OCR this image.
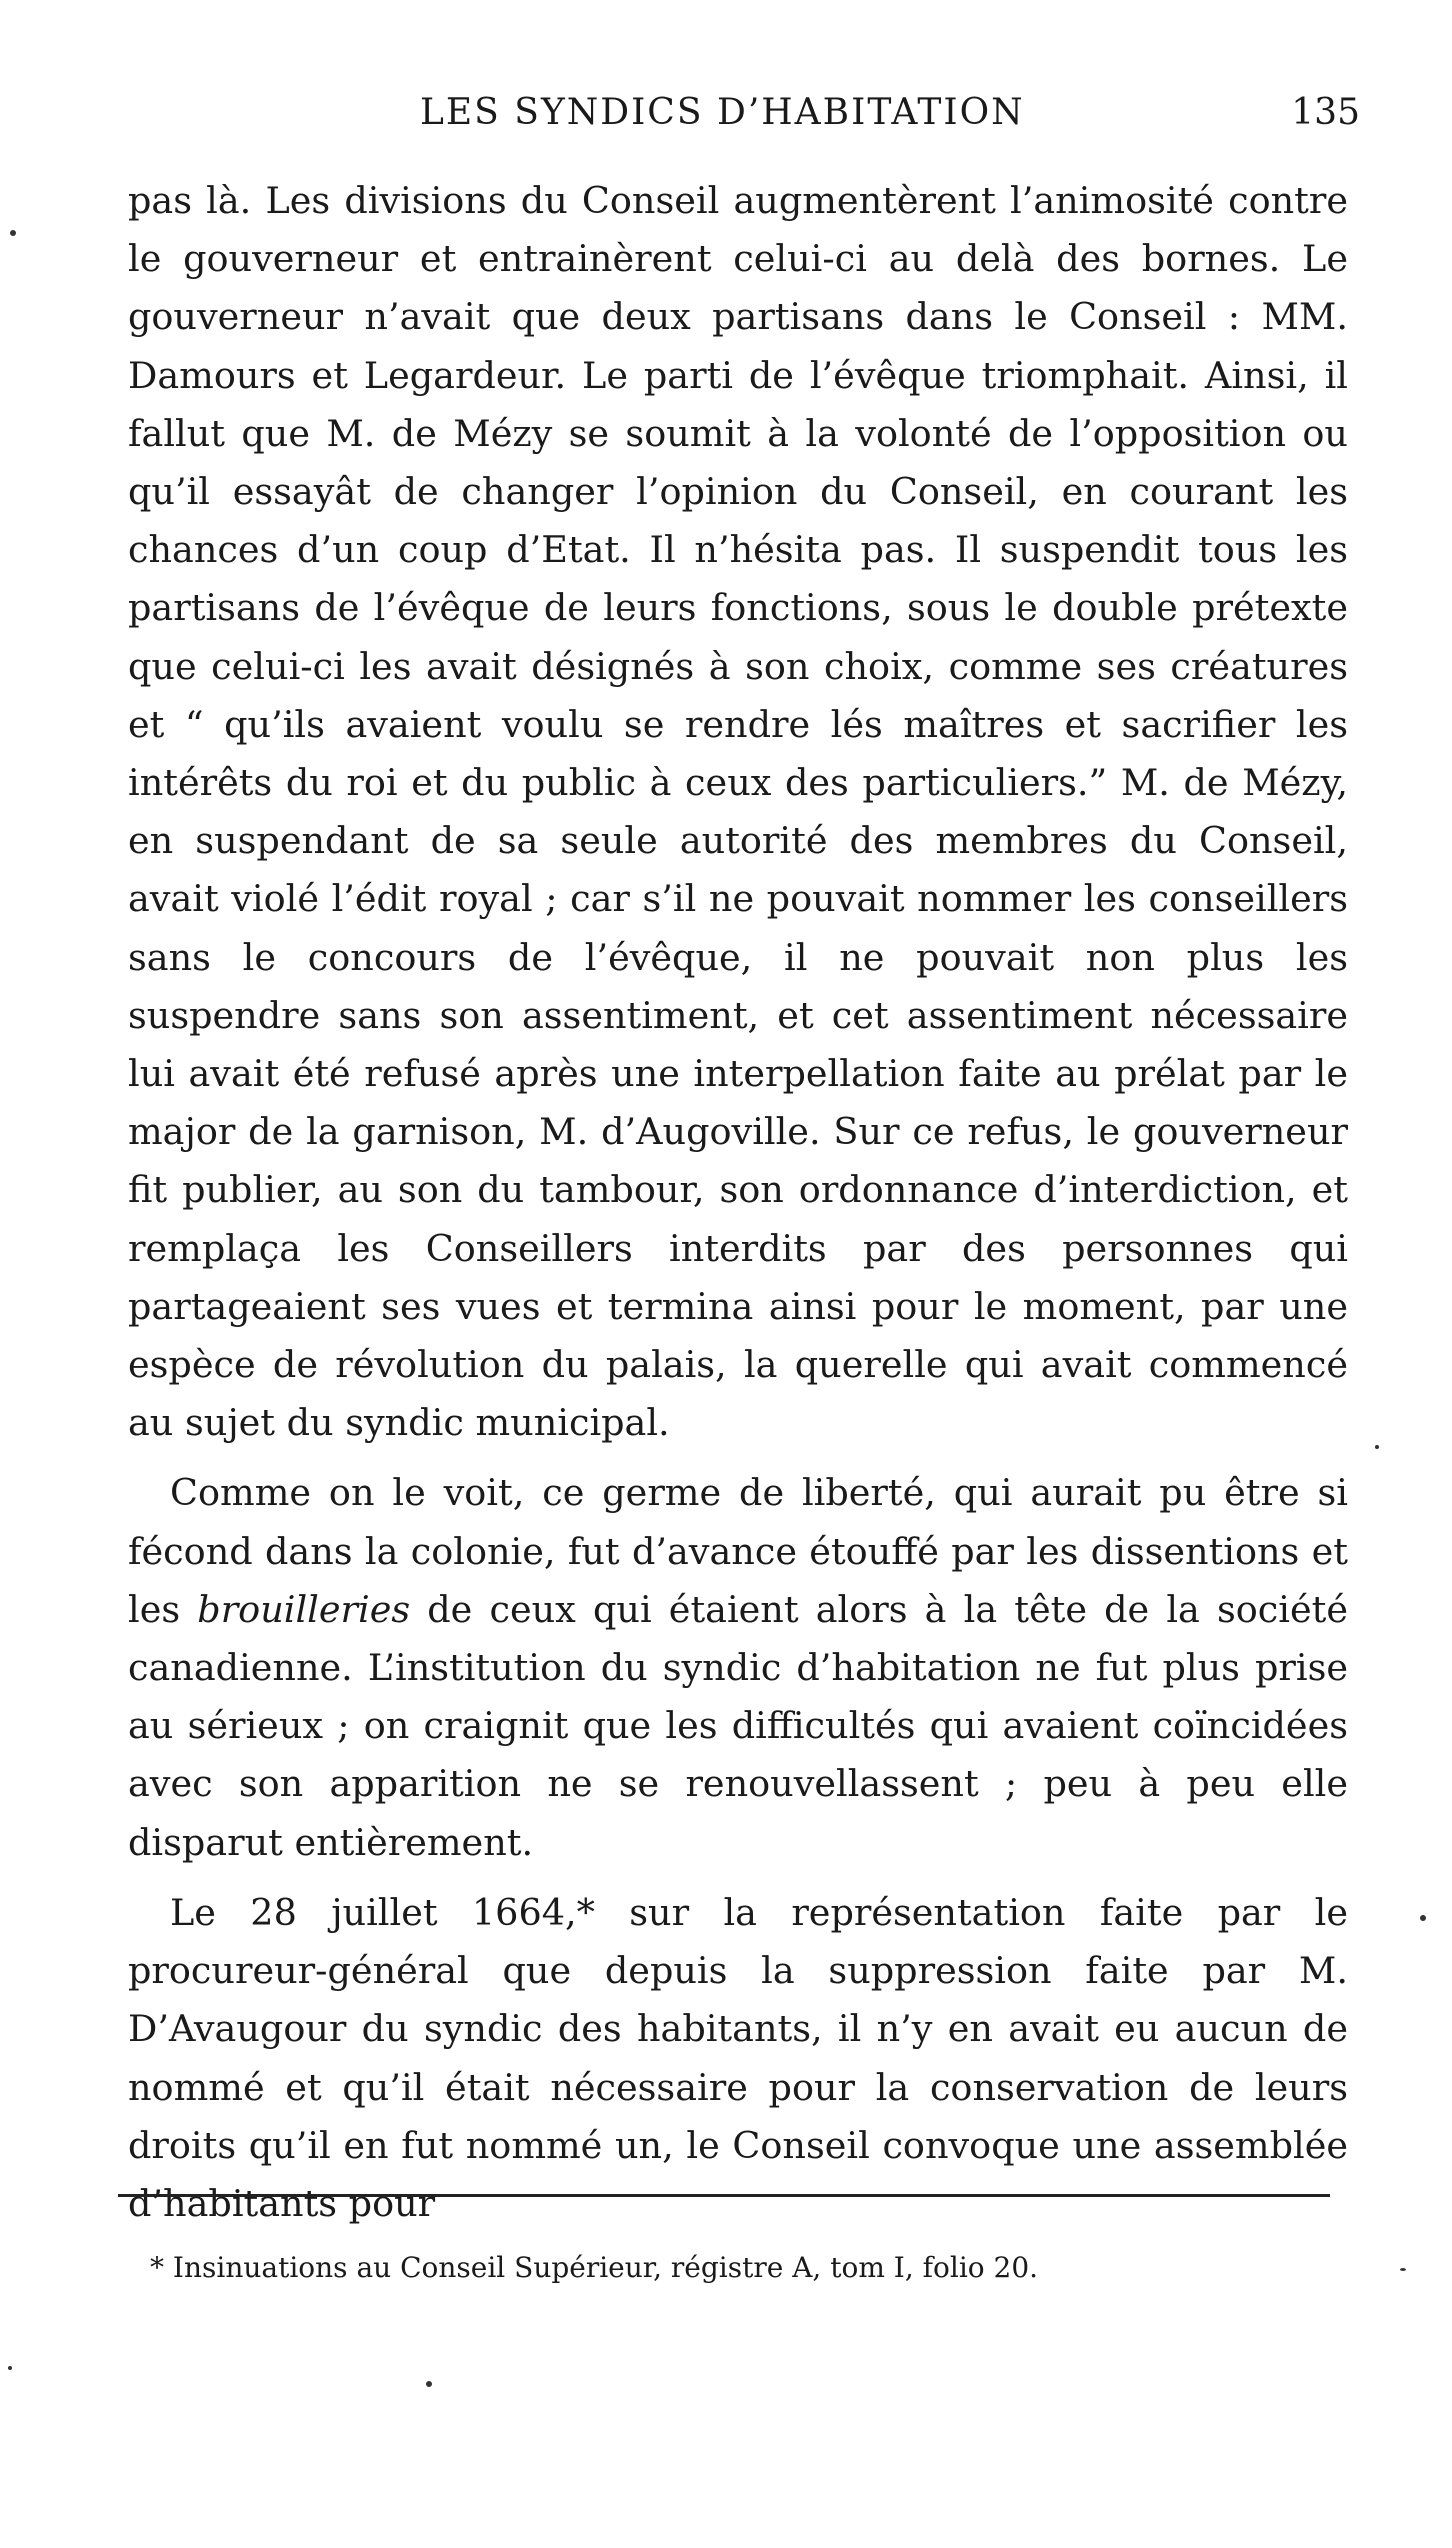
LES SYNDICS D’HABITATION	135

pas là. Les divisions du Conseil augmentèrent l’animosité contre le gouverneur et entrainèrent celui-ci au delà des bornes. Le gouverneur n’avait que deux partisans dans le Conseil : MM. Damours et Legardeur. Le parti de l’évêque triomphait. Ainsi, il fallut que M. de Mézy se soumit à la volonté de l’opposition ou qu’il essayât de changer l’opinion du Conseil, en courant les chances d’un coup d’Etat. Il n’hésita pas. Il suspendit tous les partisans de l’évêque de leurs fonctions, sous le double prétexte que celui-ci les avait désignés à son choix, comme ses créatures et “ qu’ils avaient voulu se rendre lés maîtres et sacrifier les intérêts du roi et du public à ceux des particuliers.” M. de Mézy, en suspendant de sa seule autorité des membres du Conseil, avait violé l’édit royal ; car s’il ne pouvait nommer les conseillers sans le concours de l’évêque, il ne pouvait non plus les suspendre sans son assentiment, et cet assentiment nécessaire lui avait été refusé après une interpellation faite au prélat par le major de la garnison, M. d’Augoville. Sur ce refus, le gouverneur fit publier, au son du tambour, son ordonnance d’interdiction, et remplaça les Conseillers interdits par des personnes qui partageaient ses vues et termina ainsi pour le moment, par une espèce de révolution du palais, la querelle qui avait commencé au sujet du syndic municipal.

Comme on le voit, ce germe de liberté, qui aurait pu être si fécond dans la colonie, fut d’avance étouffé par les dissentions et les brouilleries de ceux qui étaient alors à la tête de la société canadienne. L’institution du syndic d’habitation ne fut plus prise au sérieux ; on craignit que les difficultés qui avaient coïncidées avec son apparition ne se renouvellassent ; peu à peu elle disparut entièrement.

Le 28 juillet 1664,* sur la représentation faite par le procureur-général que depuis la suppression faite par M. D’Avaugour du syndic des habitants, il n’y en avait eu aucun de nommé et qu’il était nécessaire pour la conservation de leurs droits qu’il en fut nommé un, le Conseil convoque une assemblée d’habitants pour

* Insinuations au Conseil Supérieur, régistre A, tom I, folio 20.
